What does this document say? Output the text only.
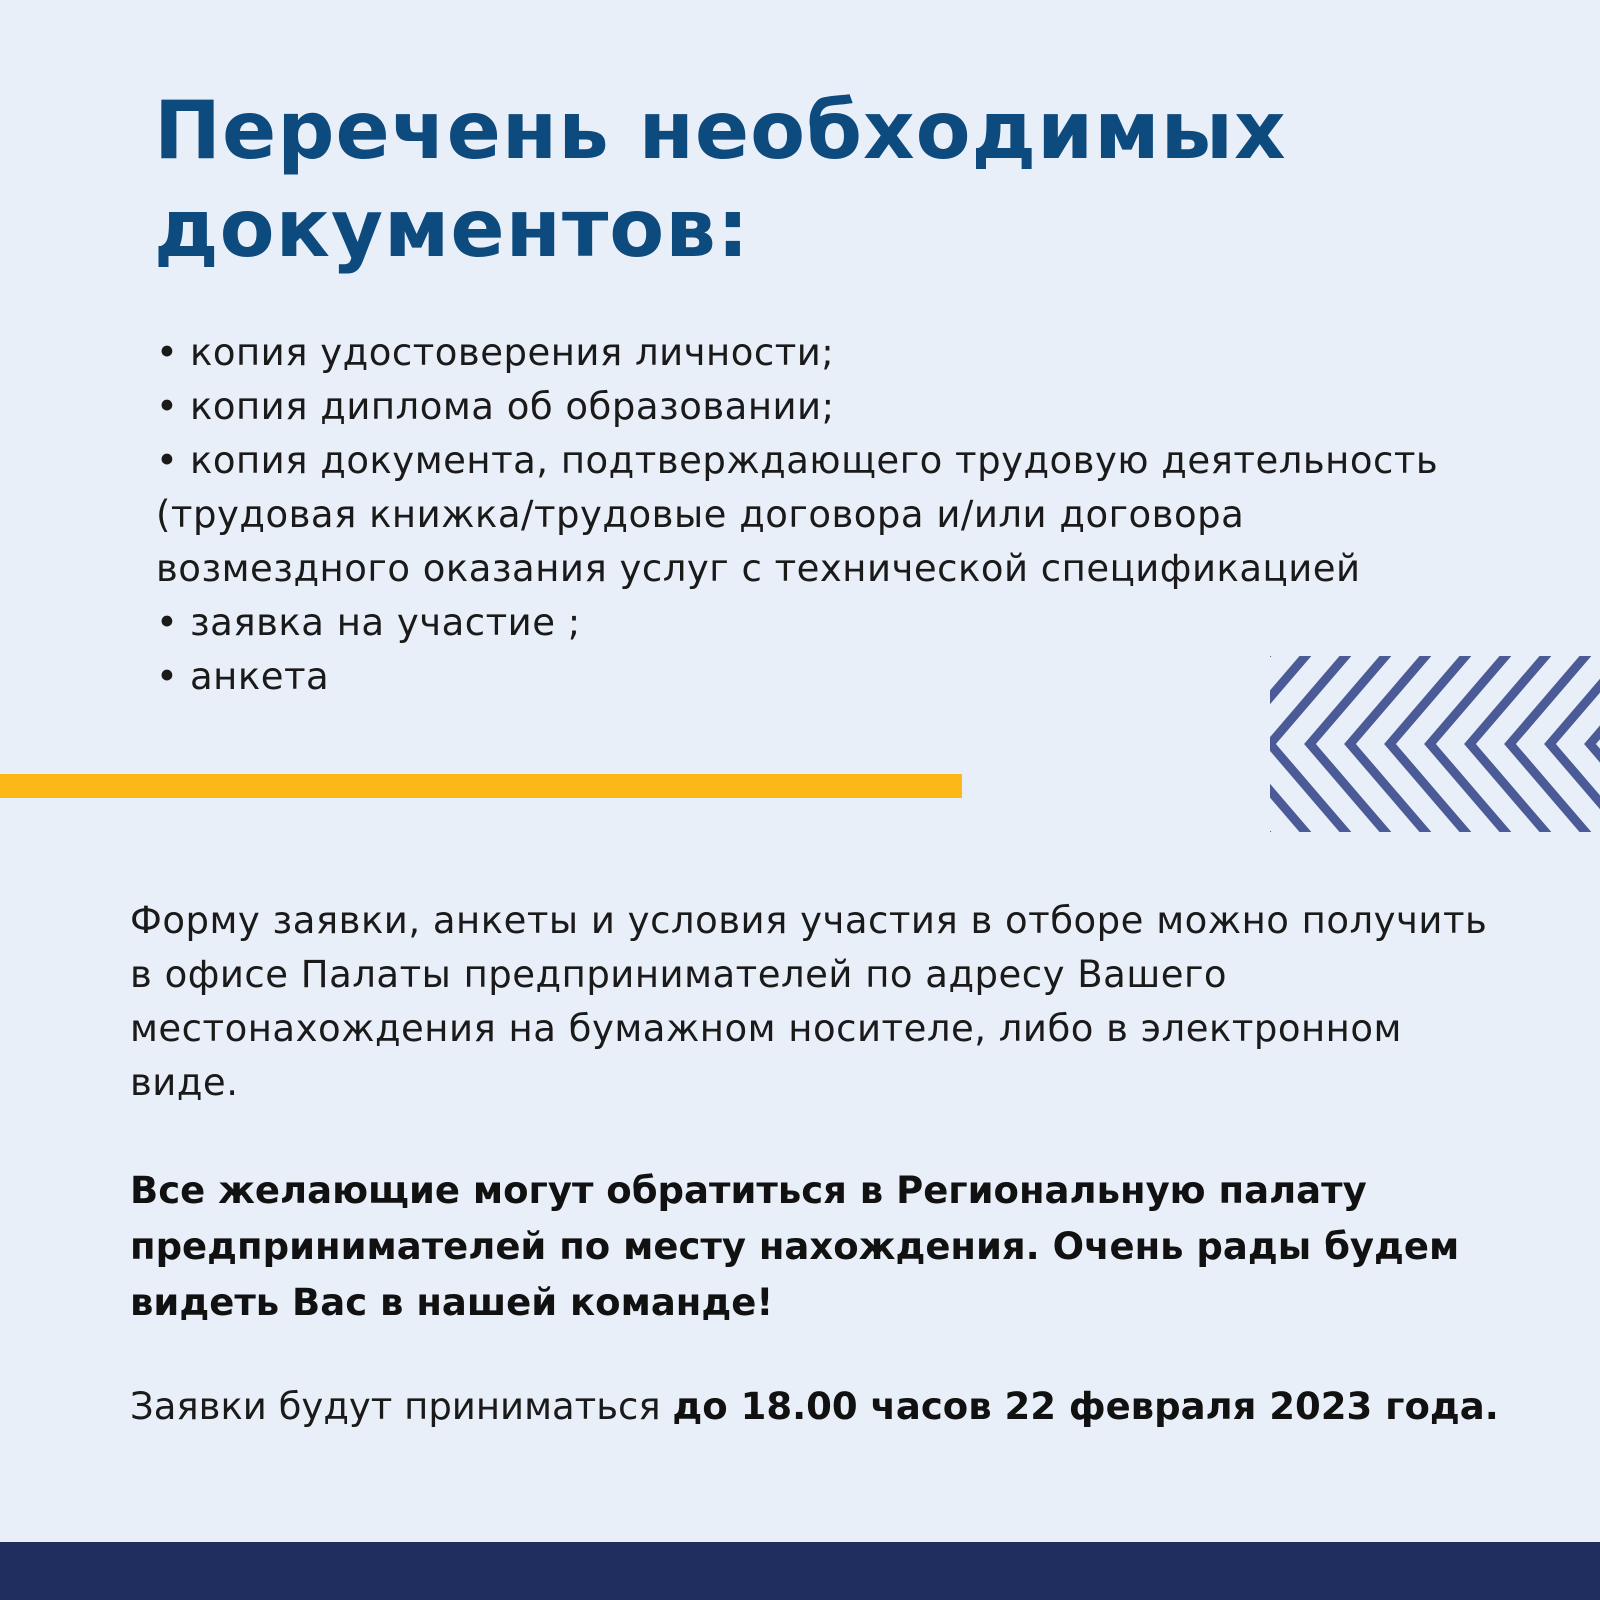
Перечень необходимых
документов:
• копия удостоверения личности;
• копия диплома об образовании;
• копия документа, подтверждающего трудовую деятельность
(трудовая книжка/трудовые договора и/или договора
возмездного оказания услуг с технической спецификацией
• заявка на участие ;
• анкета

Форму заявки, анкеты и условия участия в отборе можно получить
в офисе Палаты предпринимателей по адресу Вашего
местонахождения на бумажном носителе, либо в электронном
виде.

Все желающие могут обратиться в Региональную палату
предпринимателей по месту нахождения. Очень рады будем
видеть Вас в нашей команде!

Заявки будут приниматься до 18.00 часов 22 февраля 2023 года.
